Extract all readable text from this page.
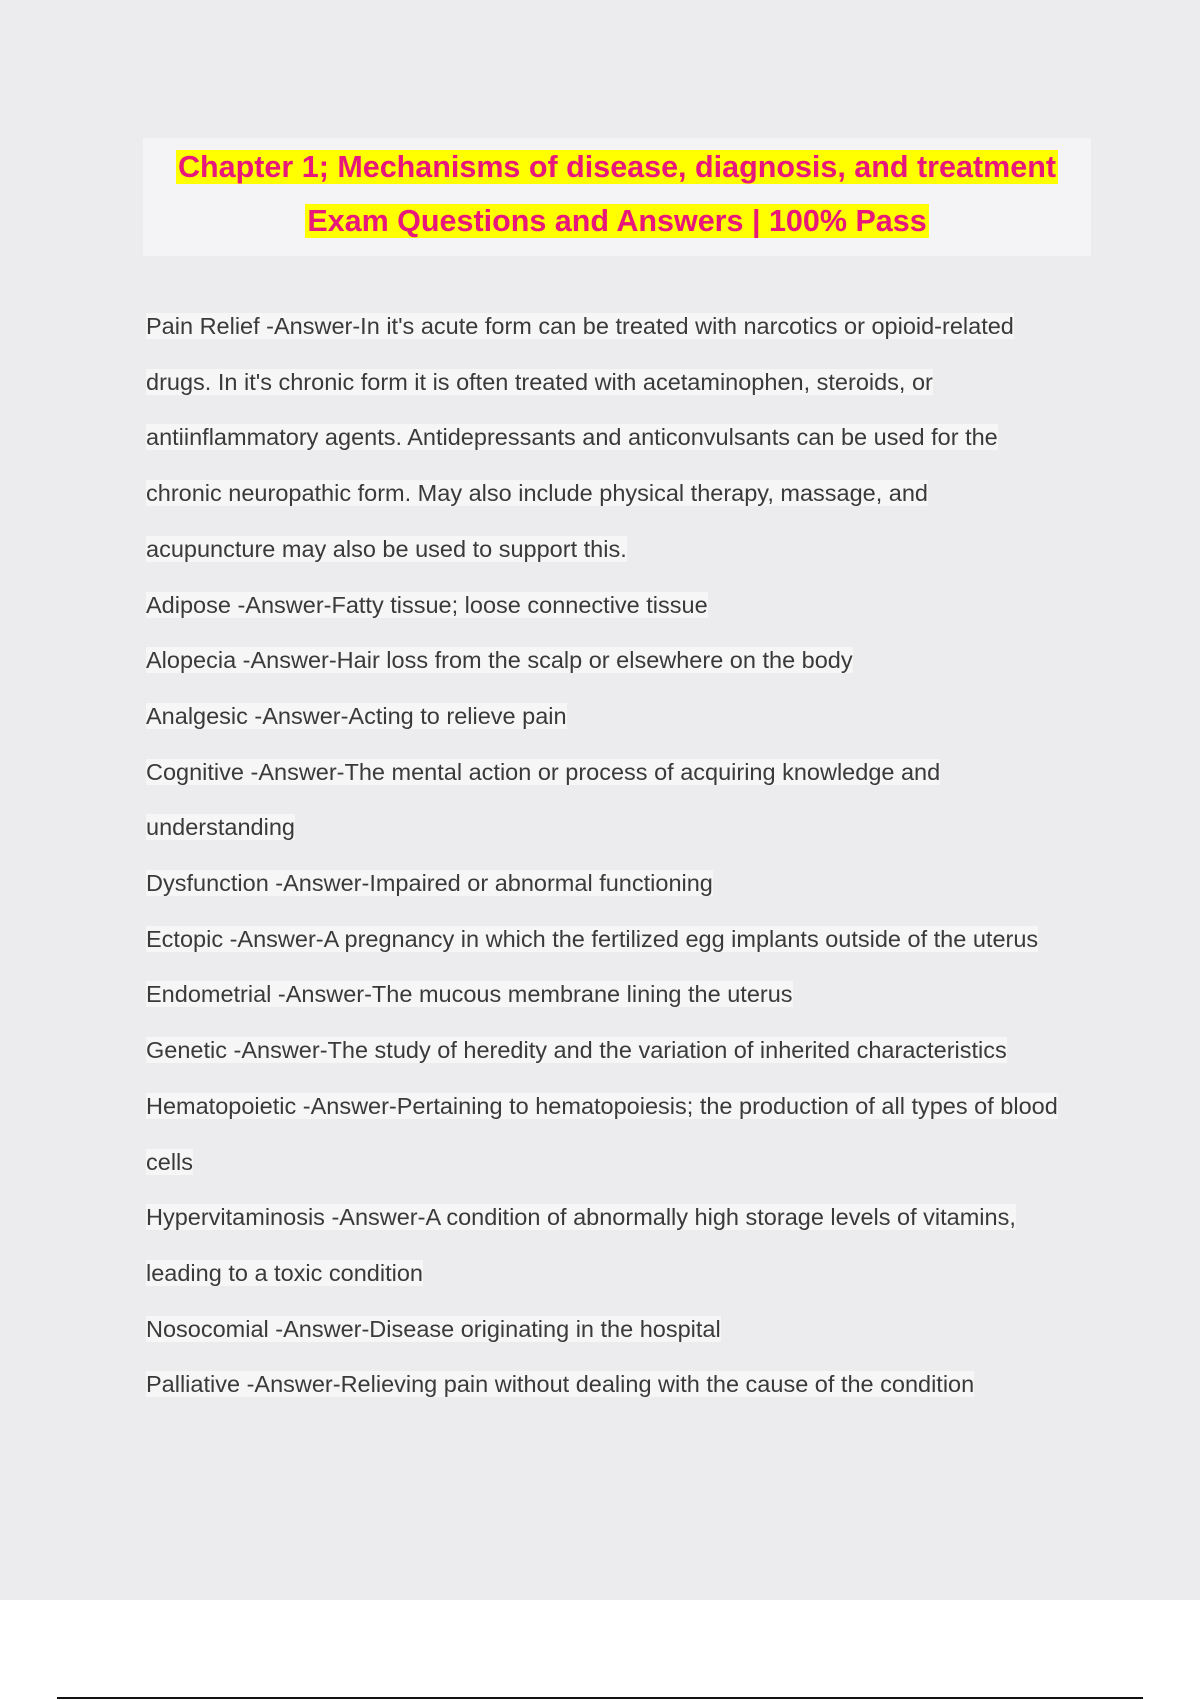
Chapter 1; Mechanisms of disease, diagnosis, and treatment
Exam Questions and Answers | 100% Pass
Pain Relief -Answer-In it's acute form can be treated with narcotics or opioid-related
drugs. In it's chronic form it is often treated with acetaminophen, steroids, or
antiinflammatory agents. Antidepressants and anticonvulsants can be used for the
chronic neuropathic form. May also include physical therapy, massage, and
acupuncture may also be used to support this.
Adipose -Answer-Fatty tissue; loose connective tissue
Alopecia -Answer-Hair loss from the scalp or elsewhere on the body
Analgesic -Answer-Acting to relieve pain
Cognitive -Answer-The mental action or process of acquiring knowledge and
understanding
Dysfunction -Answer-Impaired or abnormal functioning
Ectopic -Answer-A pregnancy in which the fertilized egg implants outside of the uterus
Endometrial -Answer-The mucous membrane lining the uterus
Genetic -Answer-The study of heredity and the variation of inherited characteristics
Hematopoietic -Answer-Pertaining to hematopoiesis; the production of all types of blood
cells
Hypervitaminosis -Answer-A condition of abnormally high storage levels of vitamins,
leading to a toxic condition
Nosocomial -Answer-Disease originating in the hospital
Palliative -Answer-Relieving pain without dealing with the cause of the condition
